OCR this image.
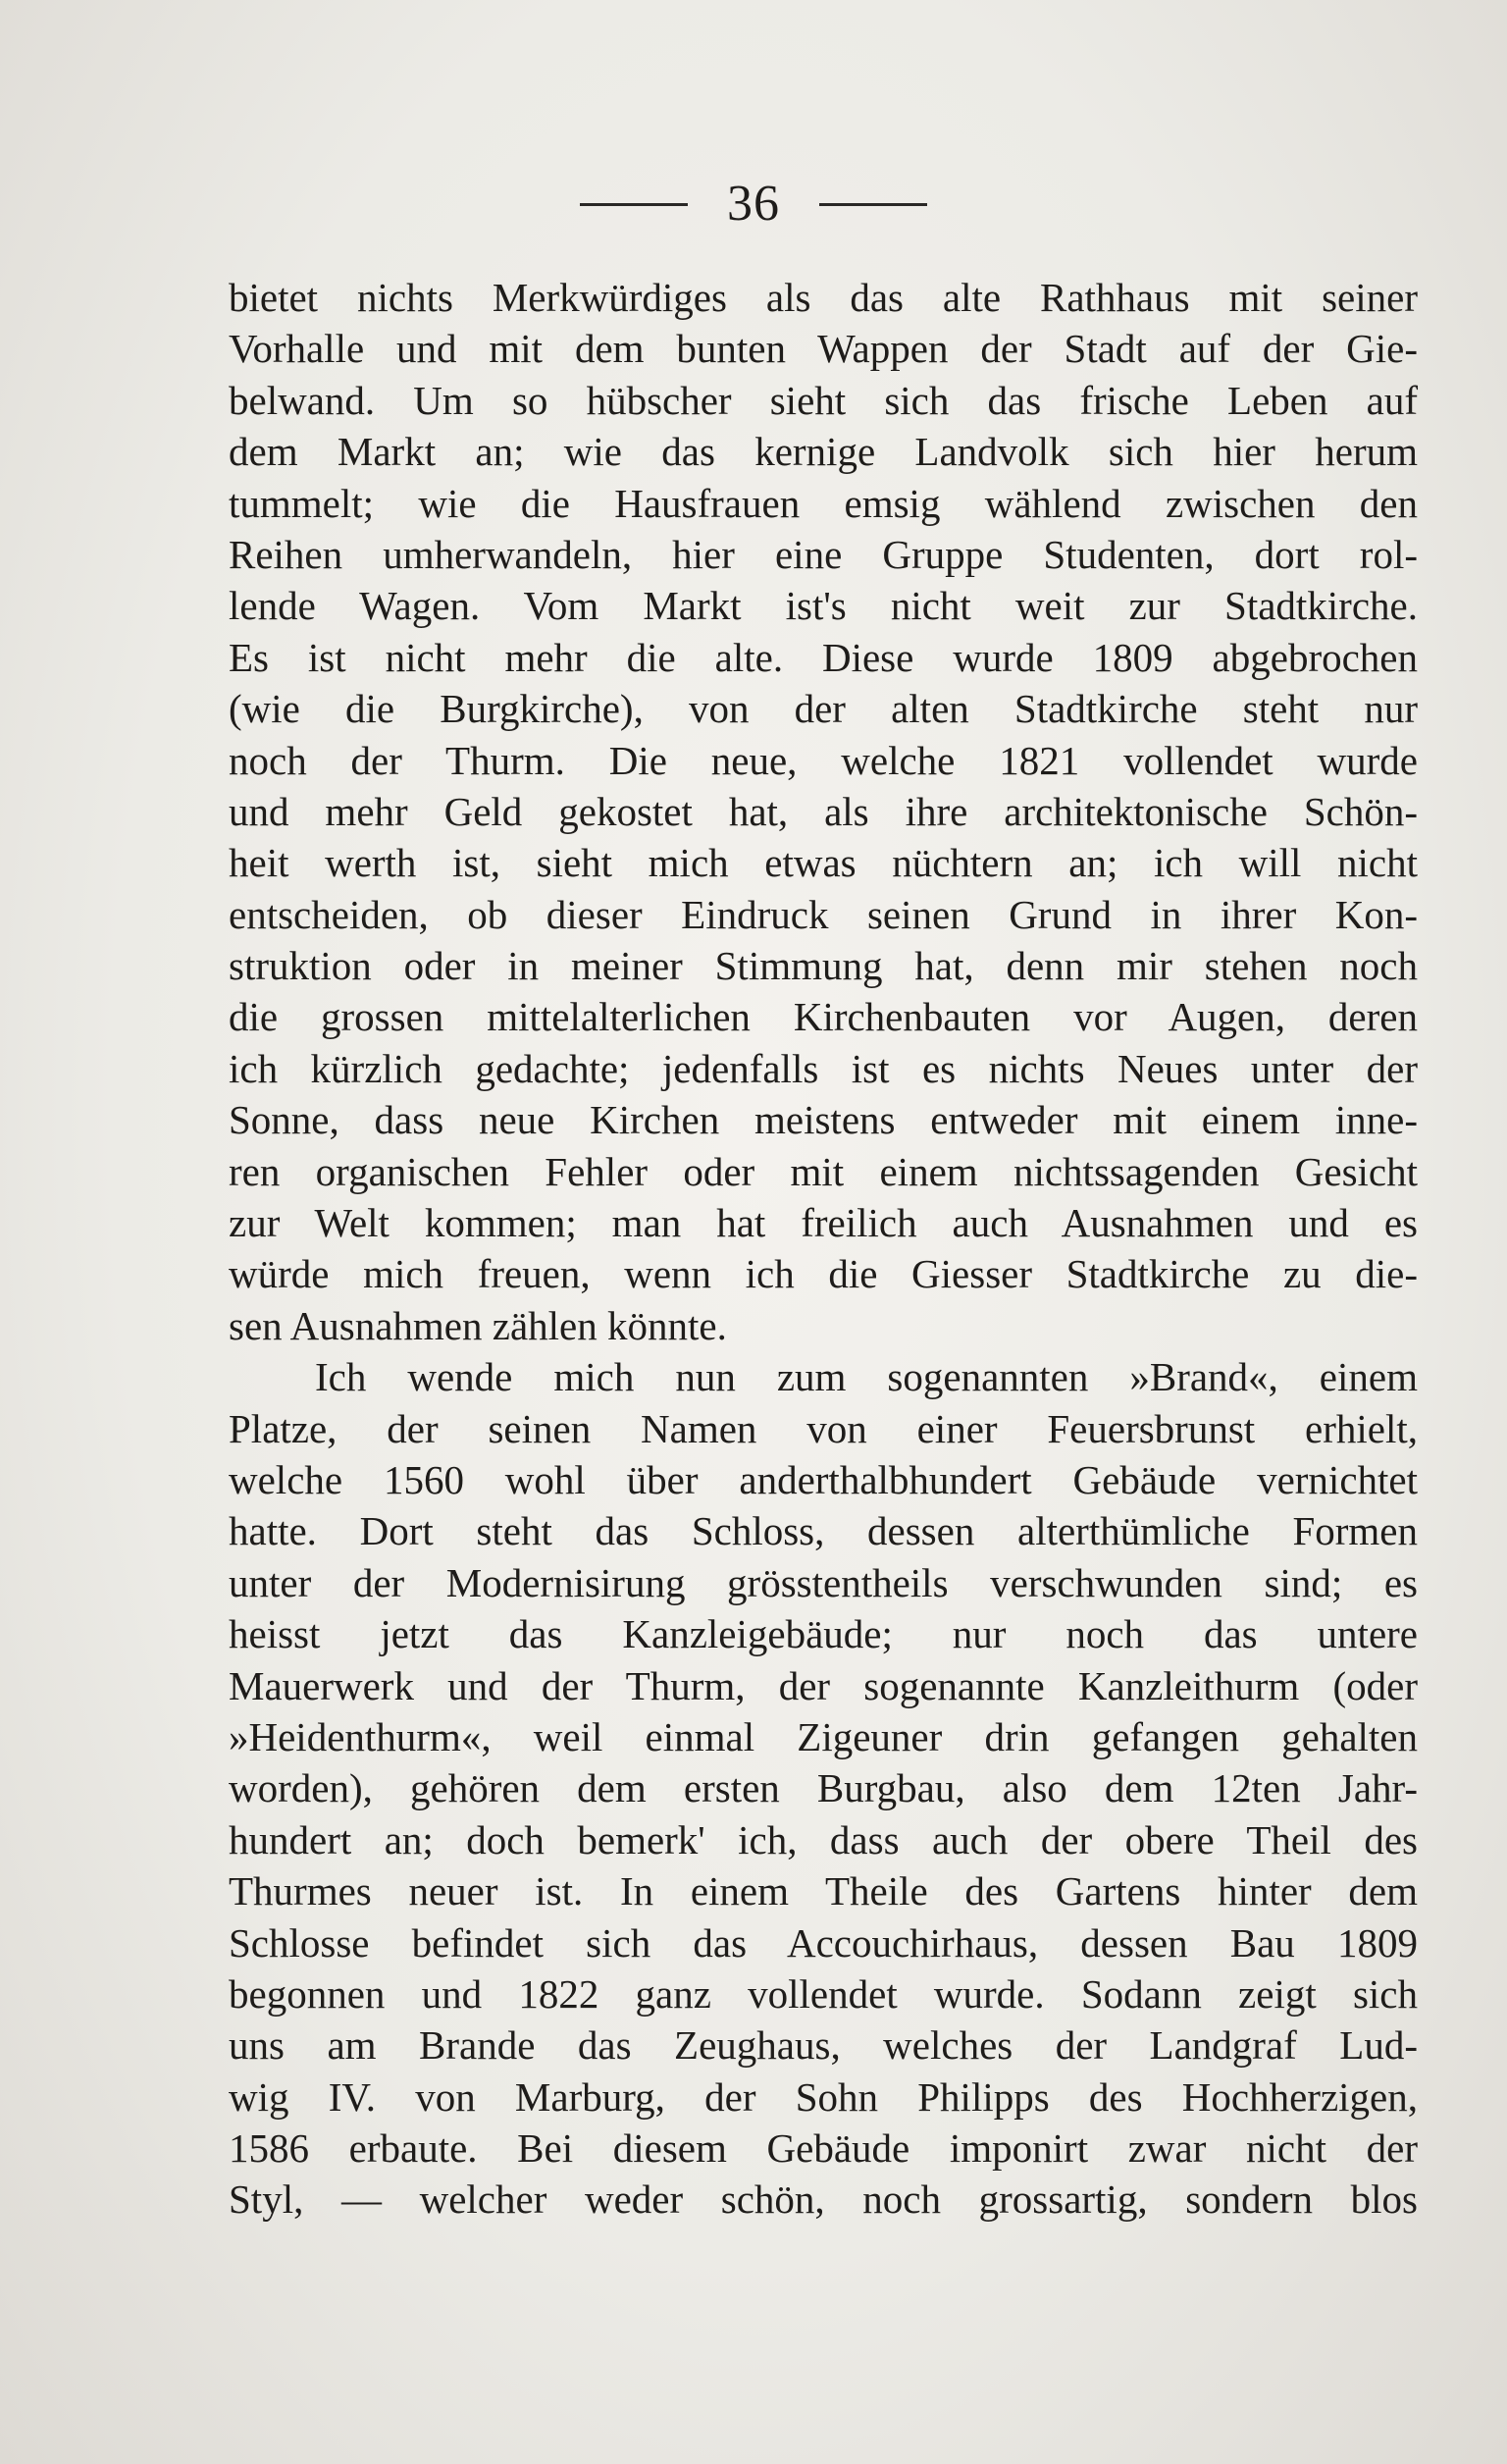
36
bietet nichts Merkwürdiges als das alte Rathhaus mit seiner
Vorhalle und mit dem bunten Wappen der Stadt auf der Gie-
belwand. Um so hübscher sieht sich das frische Leben auf
dem Markt an; wie das kernige Landvolk sich hier herum
tummelt; wie die Hausfrauen emsig wählend zwischen den
Reihen umherwandeln, hier eine Gruppe Studenten, dort rol-
lende Wagen. Vom Markt ist's nicht weit zur Stadtkirche.
Es ist nicht mehr die alte. Diese wurde 1809 abgebrochen
(wie die Burgkirche), von der alten Stadtkirche steht nur
noch der Thurm. Die neue, welche 1821 vollendet wurde
und mehr Geld gekostet hat, als ihre architektonische Schön-
heit werth ist, sieht mich etwas nüchtern an; ich will nicht
entscheiden, ob dieser Eindruck seinen Grund in ihrer Kon-
struktion oder in meiner Stimmung hat, denn mir stehen noch
die grossen mittelalterlichen Kirchenbauten vor Augen, deren
ich kürzlich gedachte; jedenfalls ist es nichts Neues unter der
Sonne, dass neue Kirchen meistens entweder mit einem inne-
ren organischen Fehler oder mit einem nichtssagenden Gesicht
zur Welt kommen; man hat freilich auch Ausnahmen und es
würde mich freuen, wenn ich die Giesser Stadtkirche zu die-
sen Ausnahmen zählen könnte.
Ich wende mich nun zum sogenannten »Brand«, einem
Platze, der seinen Namen von einer Feuersbrunst erhielt,
welche 1560 wohl über anderthalbhundert Gebäude vernichtet
hatte. Dort steht das Schloss, dessen alterthümliche Formen
unter der Modernisirung grösstentheils verschwunden sind; es
heisst jetzt das Kanzleigebäude; nur noch das untere
Mauerwerk und der Thurm, der sogenannte Kanzleithurm (oder
»Heidenthurm«, weil einmal Zigeuner drin gefangen gehalten
worden), gehören dem ersten Burgbau, also dem 12ten Jahr-
hundert an; doch bemerk' ich, dass auch der obere Theil des
Thurmes neuer ist. In einem Theile des Gartens hinter dem
Schlosse befindet sich das Accouchirhaus, dessen Bau 1809
begonnen und 1822 ganz vollendet wurde. Sodann zeigt sich
uns am Brande das Zeughaus, welches der Landgraf Lud-
wig IV. von Marburg, der Sohn Philipps des Hochherzigen,
1586 erbaute. Bei diesem Gebäude imponirt zwar nicht der
Styl, — welcher weder schön, noch grossartig, sondern blos
